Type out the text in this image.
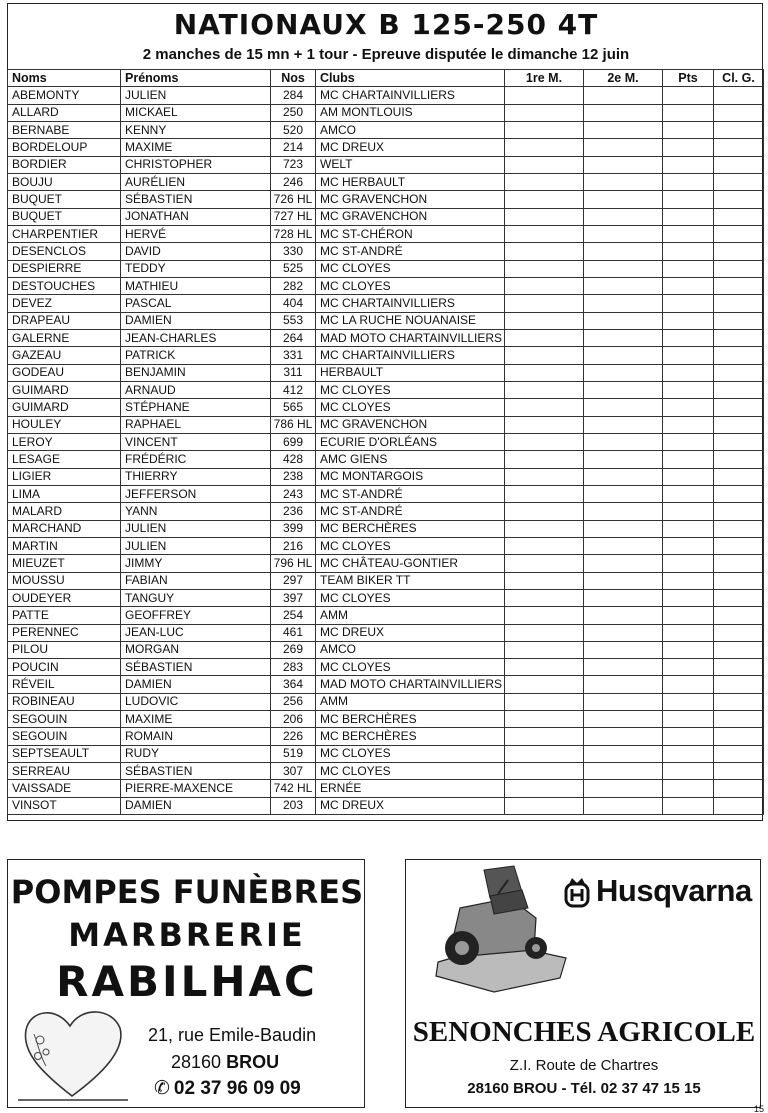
NATIONAUX B 125-250 4T
2 manches de 15 mn + 1 tour - Epreuve disputée le dimanche 12 juin
Noms	Prénoms	Nos	Clubs	1re M.	2e M.	Pts	Cl. G.
ABEMONTY	JULIEN	284	MC CHARTAINVILLIERS				
ALLARD	MICKAEL	250	AM MONTLOUIS				
BERNABE	KENNY	520	AMCO				
BORDELOUP	MAXIME	214	MC DREUX				
BORDIER	CHRISTOPHER	723	WELT				
BOUJU	AURÉLIEN	246	MC HERBAULT				
BUQUET	SÉBASTIEN	726 HL	MC GRAVENCHON				
BUQUET	JONATHAN	727 HL	MC GRAVENCHON				
CHARPENTIER	HERVÉ	728 HL	MC ST-CHÉRON				
DESENCLOS	DAVID	330	MC ST-ANDRÉ				
DESPIERRE	TEDDY	525	MC CLOYES				
DESTOUCHES	MATHIEU	282	MC CLOYES				
DEVEZ	PASCAL	404	MC CHARTAINVILLIERS				
DRAPEAU	DAMIEN	553	MC LA RUCHE NOUANAISE				
GALERNE	JEAN-CHARLES	264	MAD MOTO CHARTAINVILLIERS				
GAZEAU	PATRICK	331	MC CHARTAINVILLIERS				
GODEAU	BENJAMIN	311	HERBAULT				
GUIMARD	ARNAUD	412	MC CLOYES				
GUIMARD	STÉPHANE	565	MC CLOYES				
HOULEY	RAPHAEL	786 HL	MC GRAVENCHON				
LEROY	VINCENT	699	ECURIE D'ORLÉANS				
LESAGE	FRÉDÉRIC	428	AMC GIENS				
LIGIER	THIERRY	238	MC MONTARGOIS				
LIMA	JEFFERSON	243	MC ST-ANDRÉ				
MALARD	YANN	236	MC ST-ANDRÉ				
MARCHAND	JULIEN	399	MC BERCHÈRES				
MARTIN	JULIEN	216	MC CLOYES				
MIEUZET	JIMMY	796 HL	MC CHÂTEAU-GONTIER				
MOUSSU	FABIAN	297	TEAM BIKER TT				
OUDEYER	TANGUY	397	MC CLOYES				
PATTE	GEOFFREY	254	AMM				
PERENNEC	JEAN-LUC	461	MC DREUX				
PILOU	MORGAN	269	AMCO				
POUCIN	SÉBASTIEN	283	MC CLOYES				
RÉVEIL	DAMIEN	364	MAD MOTO CHARTAINVILLIERS				
ROBINEAU	LUDOVIC	256	AMM				
SEGOUIN	MAXIME	206	MC BERCHÈRES				
SEGOUIN	ROMAIN	226	MC BERCHÈRES				
SEPTSEAULT	RUDY	519	MC CLOYES				
SERREAU	SÉBASTIEN	307	MC CLOYES				
VAISSADE	PIERRE-MAXENCE	742 HL	ERNÉE				
VINSOT	DAMIEN	203	MC DREUX				
POMPES FUNÈBRES
MARBRERIE
RABILHAC
21, rue Emile-Baudin
28160 BROU
✆ 02 37 96 09 09
Husqvarna
SENONCHES AGRICOLE
Z.I. Route de Chartres
28160 BROU - Tél. 02 37 47 15 15
15
